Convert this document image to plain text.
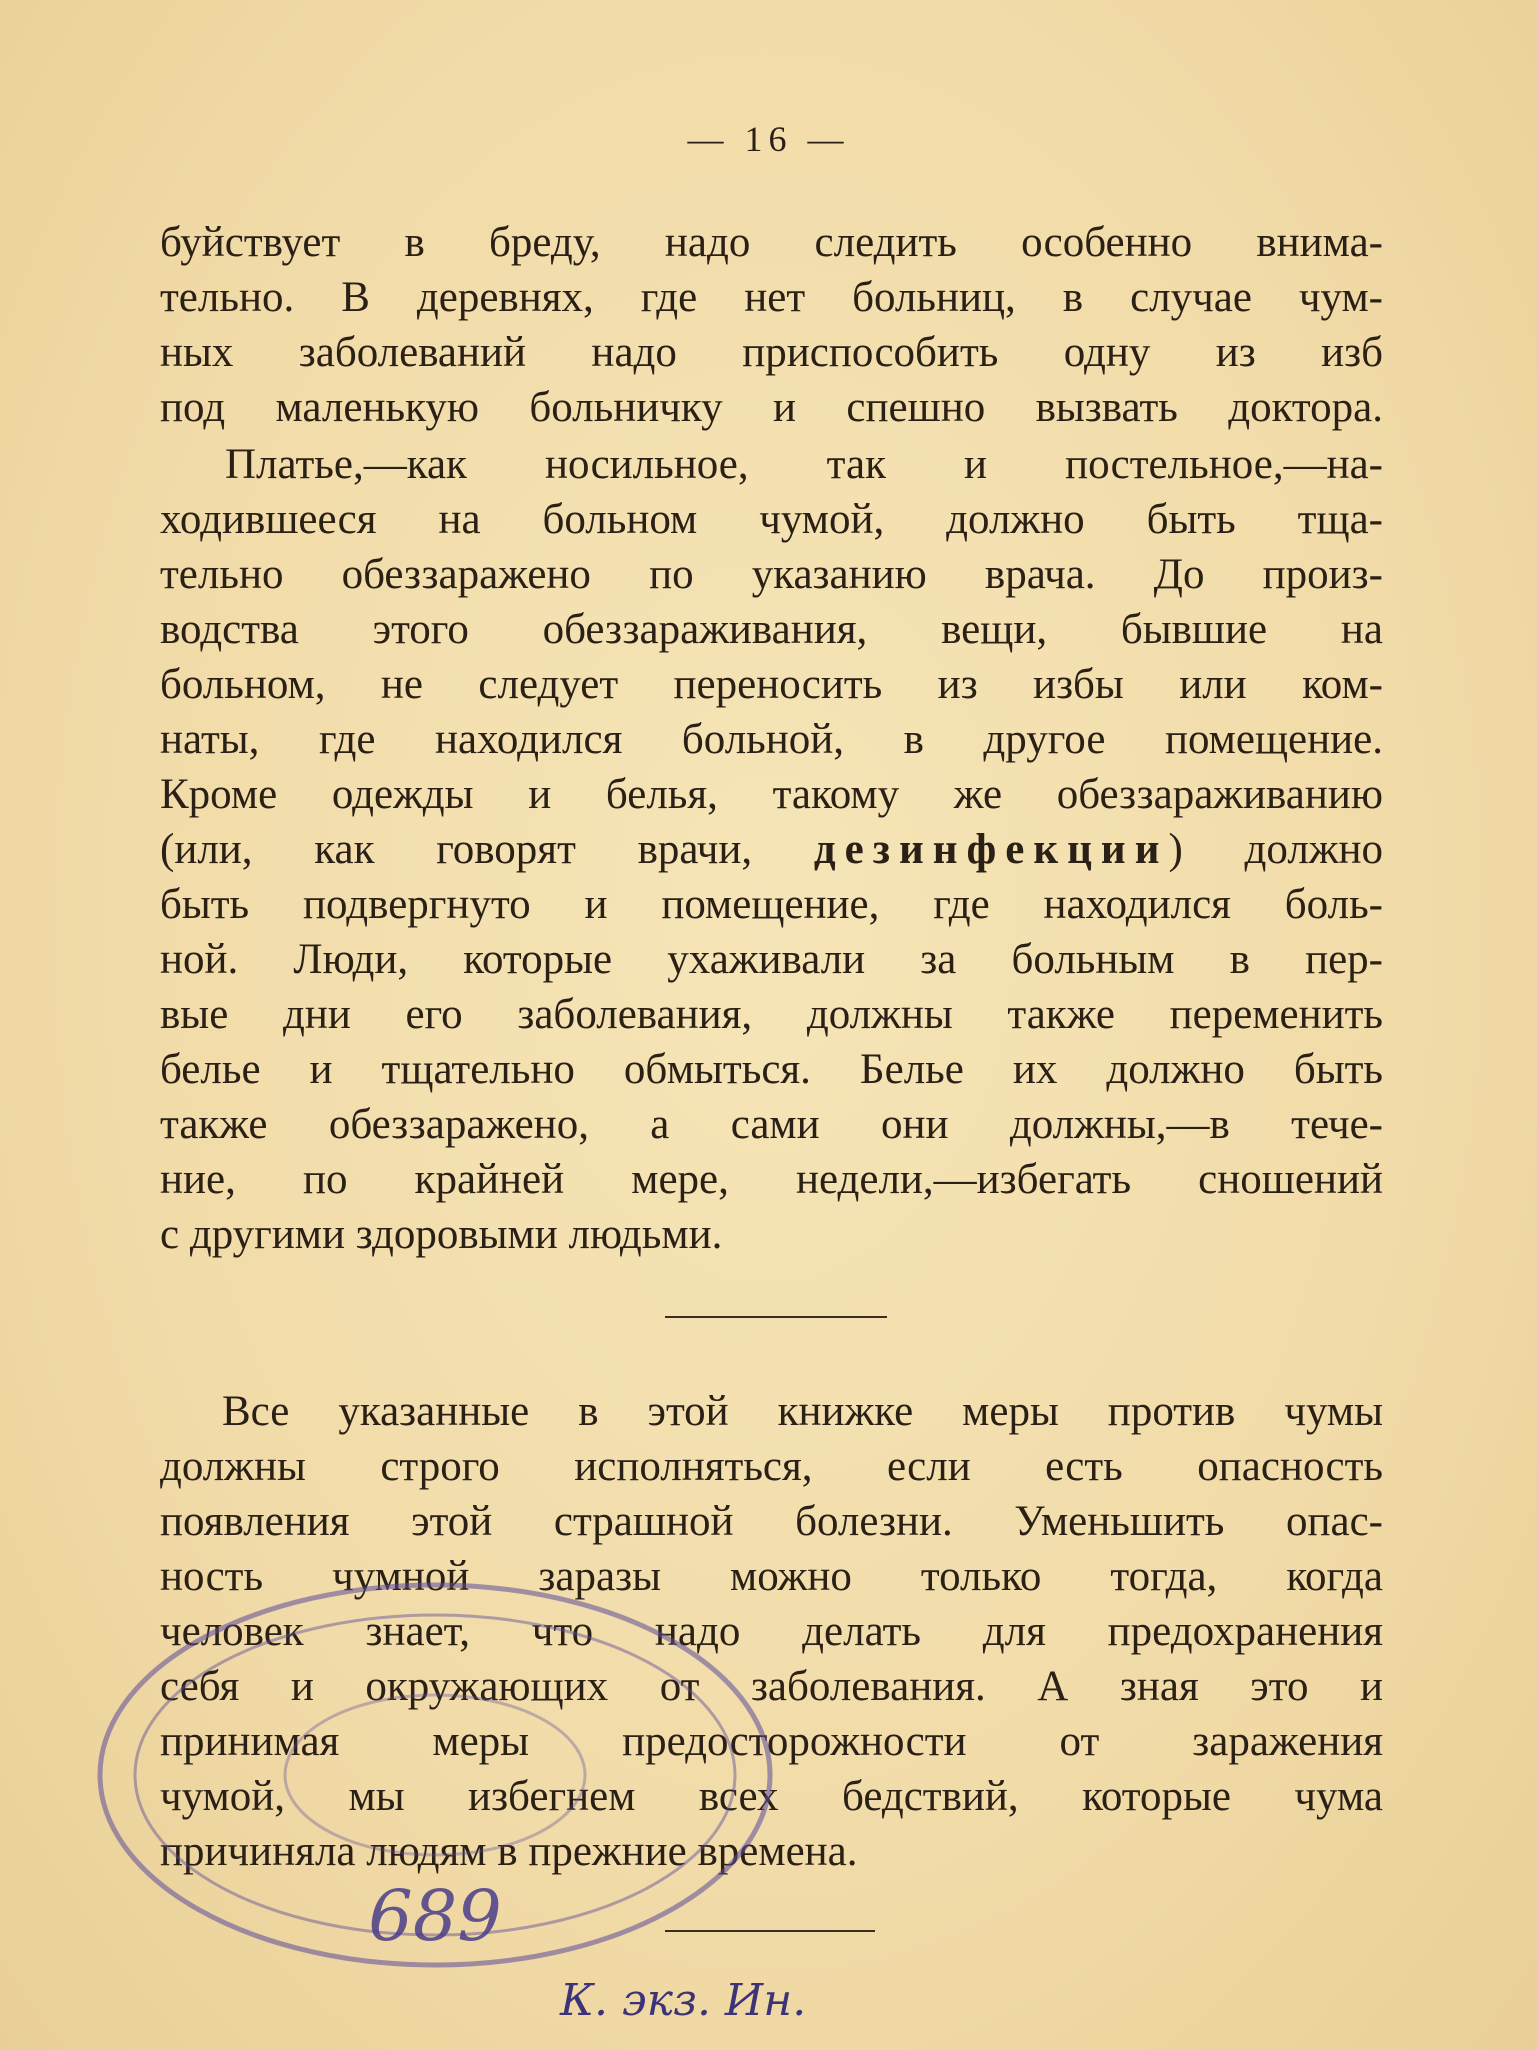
— 16 —
буйствует в бреду, надо следить особенно внима-
тельно. В деревнях, где нет больниц, в случае чум-
ных заболеваний надо приспособить одну из изб
под маленькую больничку и спешно вызвать доктора.
Платье,—как носильное, так и постельное,—на-
ходившееся на больном чумой, должно быть тща-
тельно обеззаражено по указанию врача. До произ-
водства этого обеззараживания, вещи, бывшие на
больном, не следует переносить из избы или ком-
наты, где находился больной, в другое помещение.
Кроме одежды и белья, такому же обеззараживанию
(или, как говорят врачи, дезинфекции) должно
быть подвергнуто и помещение, где находился боль-
ной. Люди, которые ухаживали за больным в пер-
вые дни его заболевания, должны также переменить
белье и тщательно обмыться. Белье их должно быть
также обеззаражено, а сами они должны,—в тече-
ние, по крайней мере, недели,—избегать сношений
с другими здоровыми людьми.
Все указанные в этой книжке меры против чумы
должны строго исполняться, если есть опасность
появления этой страшной болезни. Уменьшить опас-
ность чумной заразы можно только тогда, когда
человек знает, что надо делать для предохранения
себя и окружающих от заболевания. А зная это и
принимая меры предосторожности от заражения
чумой, мы избегнем всех бедствий, которые чума
причиняла людям в прежние времена.
689
К. экз. Ин.
